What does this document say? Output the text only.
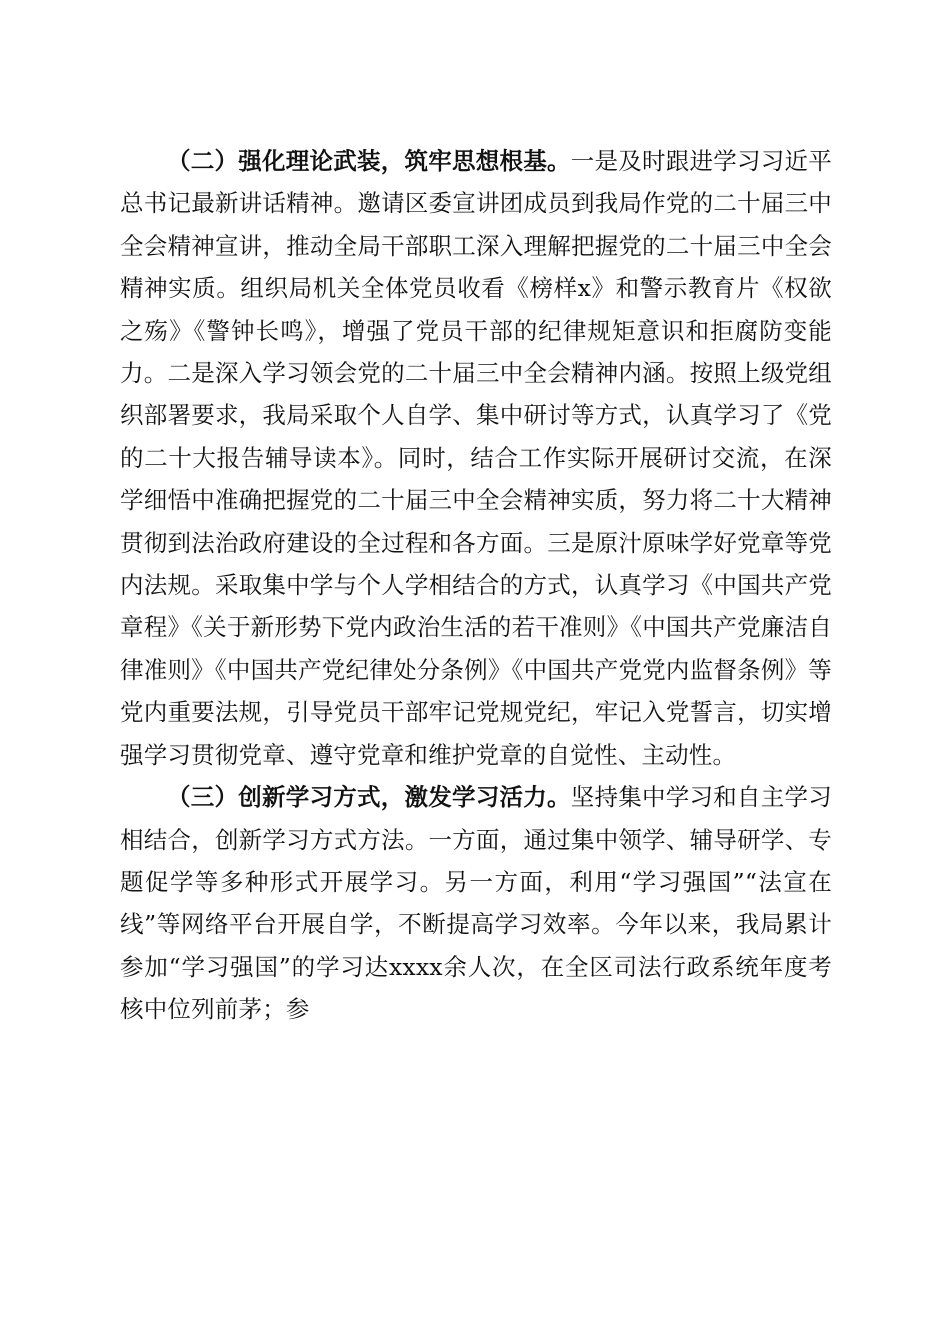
（二）强化理论武装，筑牢思想根基。一是及时跟进学习习近平总书记最新讲话精神。邀请区委宣讲团成员到我局作党的二十届三中全会精神宣讲，推动全局干部职工深入理解把握党的二十届三中全会精神实质。组织局机关全体党员收看《榜样x》和警示教育片《权欲之殇》《警钟长鸣》，增强了党员干部的纪律规矩意识和拒腐防变能力。二是深入学习领会党的二十届三中全会精神内涵。按照上级党组织部署要求，我局采取个人自学、集中研讨等方式，认真学习了《党的二十大报告辅导读本》。同时，结合工作实际开展研讨交流，在深学细悟中准确把握党的二十届三中全会精神实质，努力将二十大精神贯彻到法治政府建设的全过程和各方面。三是原汁原味学好党章等党内法规。采取集中学与个人学相结合的方式，认真学习《中国共产党章程》《关于新形势下党内政治生活的若干准则》《中国共产党廉洁自律准则》《中国共产党纪律处分条例》《中国共产党党内监督条例》等党内重要法规，引导党员干部牢记党规党纪，牢记入党誓言，切实增强学习贯彻党章、遵守党章和维护党章的自觉性、主动性。

（三）创新学习方式，激发学习活力。坚持集中学习和自主学习相结合，创新学习方式方法。一方面，通过集中领学、辅导研学、专题促学等多种形式开展学习。另一方面，利用“学习强国”“法宣在线”等网络平台开展自学，不断提高学习效率。今年以来，我局累计参加“学习强国”的学习达xxxx余人次，在全区司法行政系统年度考核中位列前茅；参
